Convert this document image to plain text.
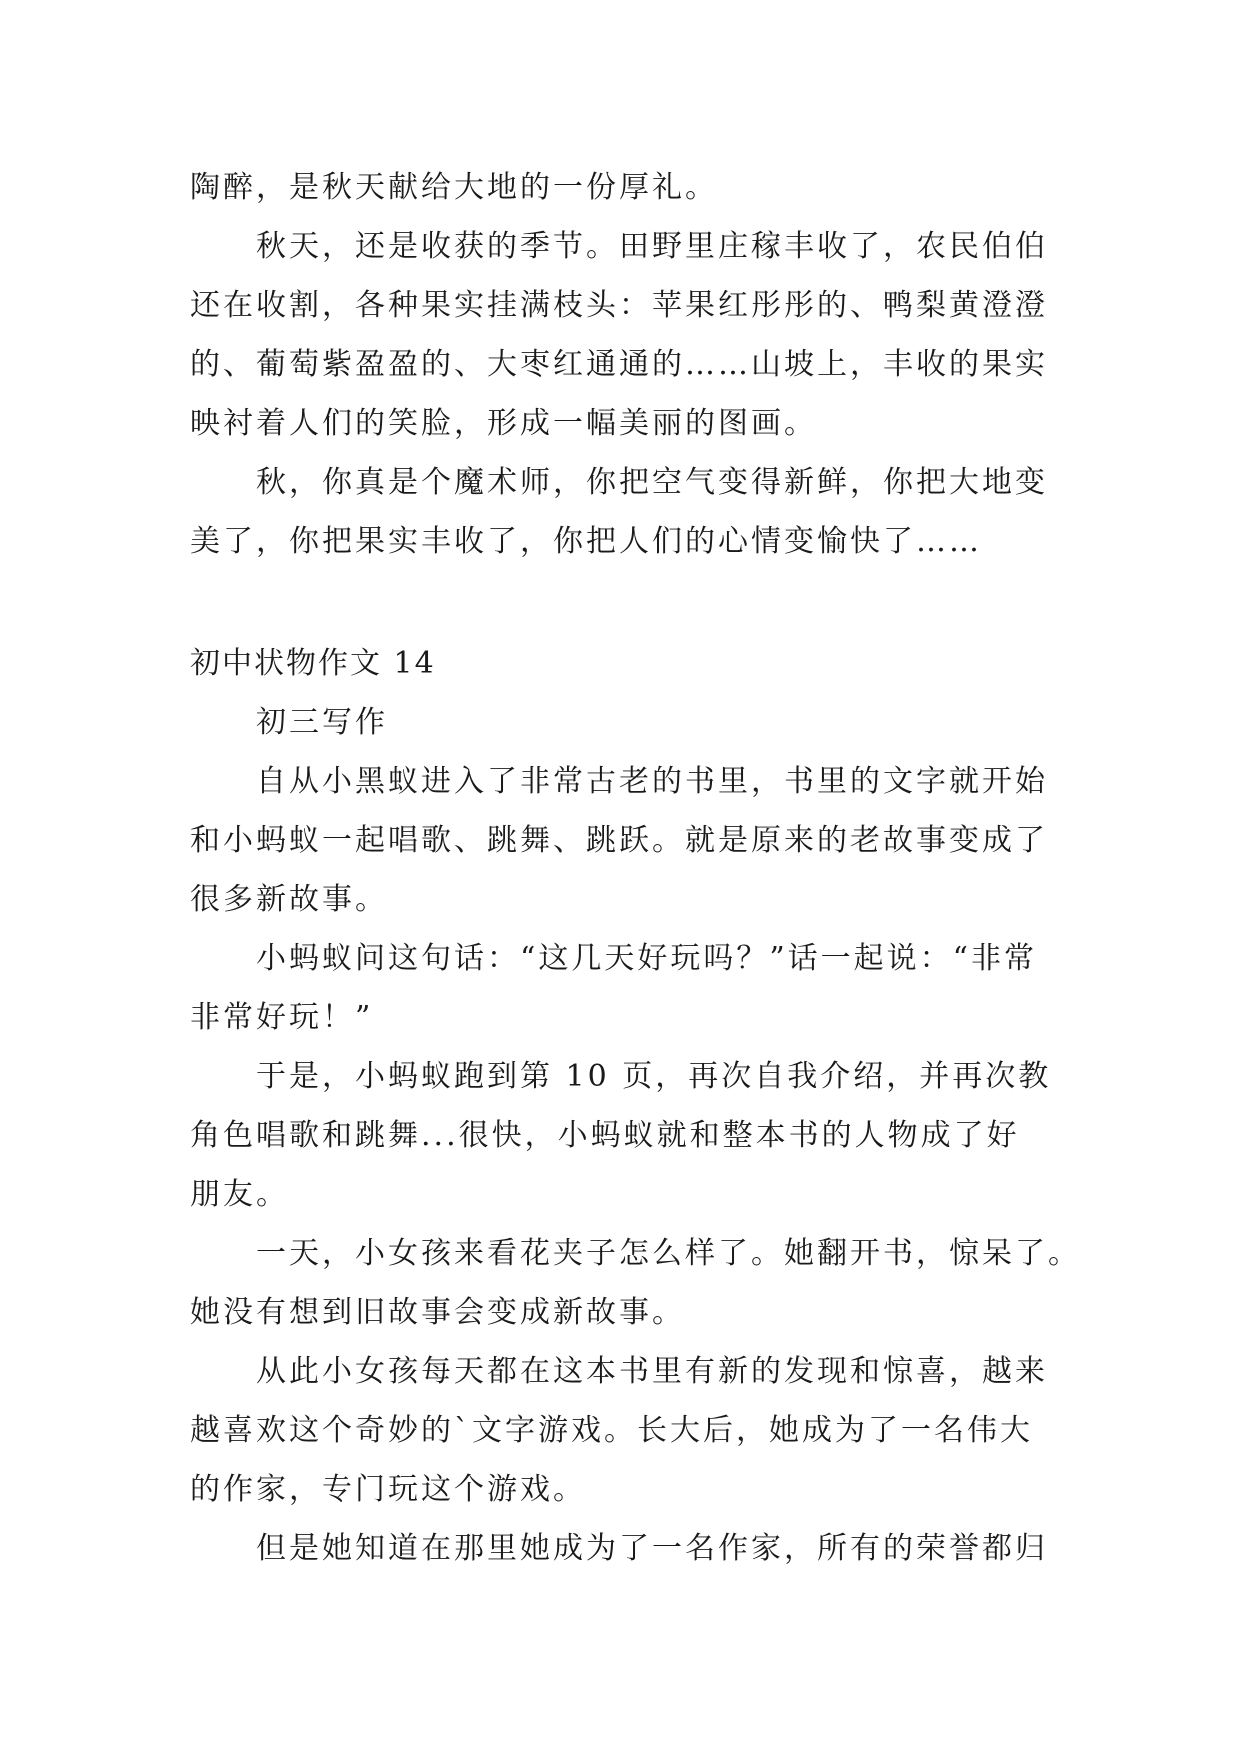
陶醉，是秋天献给大地的一份厚礼。
秋天，还是收获的季节。田野里庄稼丰收了，农民伯伯
还在收割，各种果实挂满枝头：苹果红彤彤的、鸭梨黄澄澄
的、葡萄紫盈盈的、大枣红通通的……山坡上，丰收的果实
映衬着人们的笑脸，形成一幅美丽的图画。
秋，你真是个魔术师，你把空气变得新鲜，你把大地变
美了，你把果实丰收了，你把人们的心情变愉快了……
初中状物作文 14
初三写作
自从小黑蚁进入了非常古老的书里，书里的文字就开始
和小蚂蚁一起唱歌、跳舞、跳跃。就是原来的老故事变成了
很多新故事。
小蚂蚁问这句话：“这几天好玩吗？”话一起说：“非常
非常好玩！”
于是，小蚂蚁跑到第 10 页，再次自我介绍，并再次教
角色唱歌和跳舞...很快，小蚂蚁就和整本书的人物成了好
朋友。
一天，小女孩来看花夹子怎么样了。她翻开书，惊呆了。
她没有想到旧故事会变成新故事。
从此小女孩每天都在这本书里有新的发现和惊喜，越来
越喜欢这个奇妙的`文字游戏。长大后，她成为了一名伟大
的作家，专门玩这个游戏。
但是她知道在那里她成为了一名作家，所有的荣誉都归
